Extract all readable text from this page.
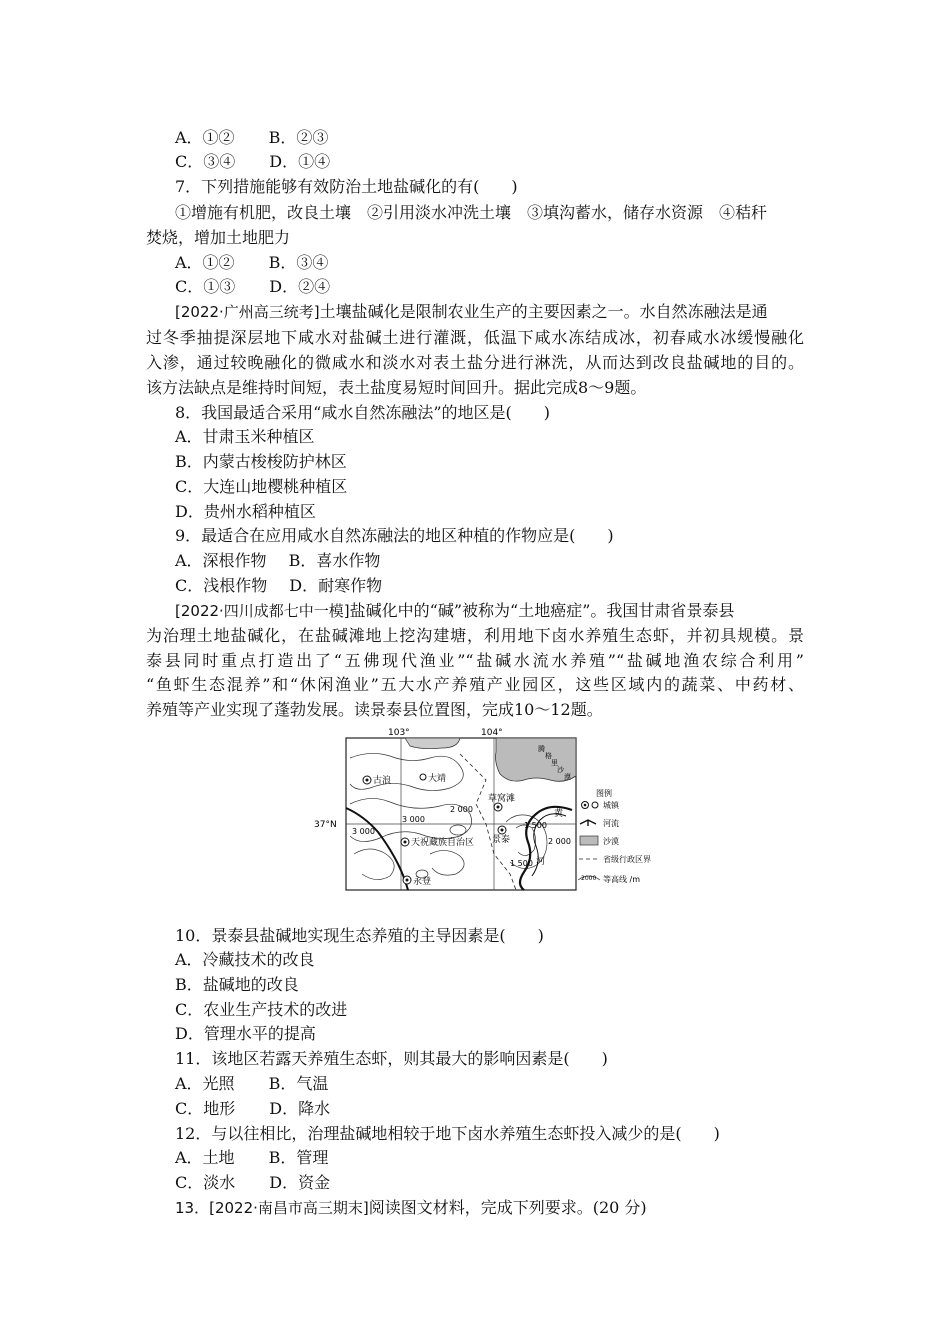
A．①② B．②③
C．③④ D．①④
7．下列措施能够有效防治土地盐碱化的有(　　)
①增施有机肥，改良土壤　②引用淡水冲洗土壤　③填沟蓄水，储存水资源　④秸秆
焚烧，增加土地肥力
A．①② B．③④
C．①③ D．②④
[2022·广州高三统考]土壤盐碱化是限制农业生产的主要因素之一。水自然冻融法是通
过冬季抽提深层地下咸水对盐碱土进行灌溉，低温下咸水冻结成冰，初春咸水冰缓慢融化
入渗，通过较晚融化的微咸水和淡水对表土盐分进行淋洗，从而达到改良盐碱地的目的。
该方法缺点是维持时间短，表土盐度易短时间回升。据此完成8～9题。
8．我国最适合采用“咸水自然冻融法”的地区是(　　)
A．甘肃玉米种植区
B．内蒙古梭梭防护林区
C．大连山地樱桃种植区
D．贵州水稻种植区
9．最适合在应用咸水自然冻融法的地区种植的作物应是(　　)
A．深根作物 B．喜水作物
C．浅根作物 D．耐寒作物
[2022·四川成都七中一模]盐碱化中的“碱”被称为“土地癌症”。我国甘肃省景泰县
为治理土地盐碱化，在盐碱滩地上挖沟建塘，利用地下卤水养殖生态虾，并初具规模。景
泰县同时重点打造出了“五佛现代渔业”“盐碱水流水养殖”“盐碱地渔农综合利用”
“鱼虾生态混养”和“休闲渔业”五大水产养殖产业园区，这些区域内的蔬菜、中药材、
养殖等产业实现了蓬勃发展。读景泰县位置图，完成10～12题。
103°	104°
37°N
腾
格
里
沙
漠
古浪	大靖
草窝滩
景泰
天祝藏族自治区
永登
黄
河
2 000
3 000
3 000
1 500
2 000
1 500
图例
城镇
河流
沙漠
省级行政区界
2000 等高线 /m
10．景泰县盐碱地实现生态养殖的主导因素是(　　)
A．冷藏技术的改良
B．盐碱地的改良
C．农业生产技术的改进
D．管理水平的提高
11．该地区若露天养殖生态虾，则其最大的影响因素是(　　)
A．光照 B．气温
C．地形 D．降水
12．与以往相比，治理盐碱地相较于地下卤水养殖生态虾投入减少的是(　　)
A．土地 B．管理
C．淡水 D．资金
13．[2022·南昌市高三期末]阅读图文材料，完成下列要求。(20 分)
